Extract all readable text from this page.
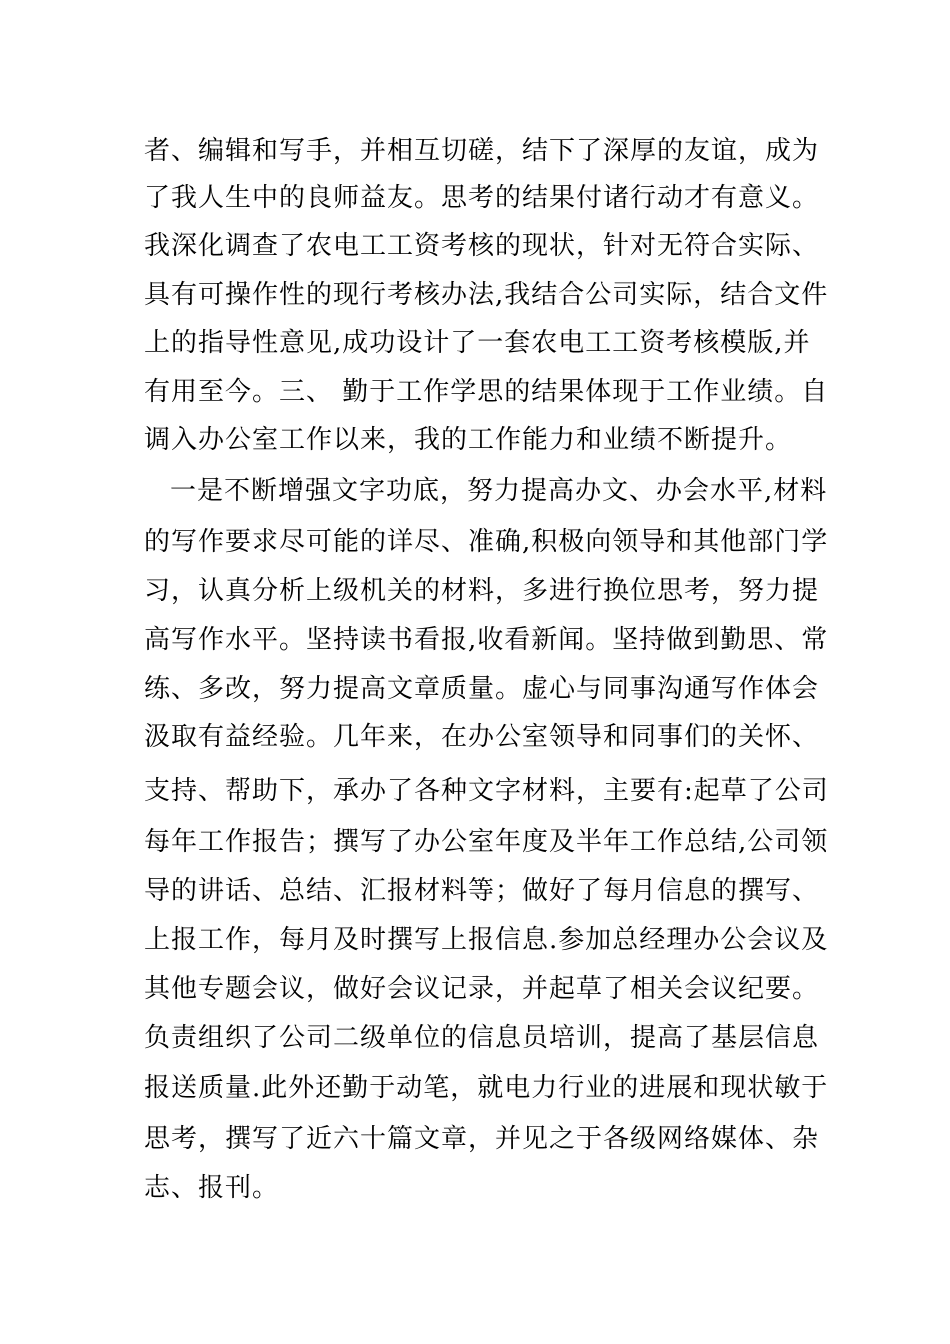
者、编辑和写手，并相互切磋，结下了深厚的友谊，成为
了我人生中的良师益友。思考的结果付诸行动才有意义。
我深化调查了农电工工资考核的现状，针对无符合实际、
具有可操作性的现行考核办法,我结合公司实际，结合文件
上的指导性意见,成功设计了一套农电工工资考核模版,并
有用至今。三、 勤于工作学思的结果体现于工作业绩。自
调入办公室工作以来，我的工作能力和业绩不断提升。
一是不断增强文字功底，努力提高办文、办会水平,材料
的写作要求尽可能的详尽、准确,积极向领导和其他部门学
习，认真分析上级机关的材料，多进行换位思考，努力提
高写作水平。坚持读书看报,收看新闻。坚持做到勤思、常
练、多改，努力提高文章质量。虚心与同事沟通写作体会
汲取有益经验。几年来，在办公室领导和同事们的关怀、
支持、帮助下，承办了各种文字材料，主要有:起草了公司
每年工作报告；撰写了办公室年度及半年工作总结,公司领
导的讲话、总结、汇报材料等；做好了每月信息的撰写、
上报工作，每月及时撰写上报信息.参加总经理办公会议及
其他专题会议，做好会议记录，并起草了相关会议纪要。
负责组织了公司二级单位的信息员培训，提高了基层信息
报送质量.此外还勤于动笔，就电力行业的进展和现状敏于
思考，撰写了近六十篇文章，并见之于各级网络媒体、杂
志、报刊。
